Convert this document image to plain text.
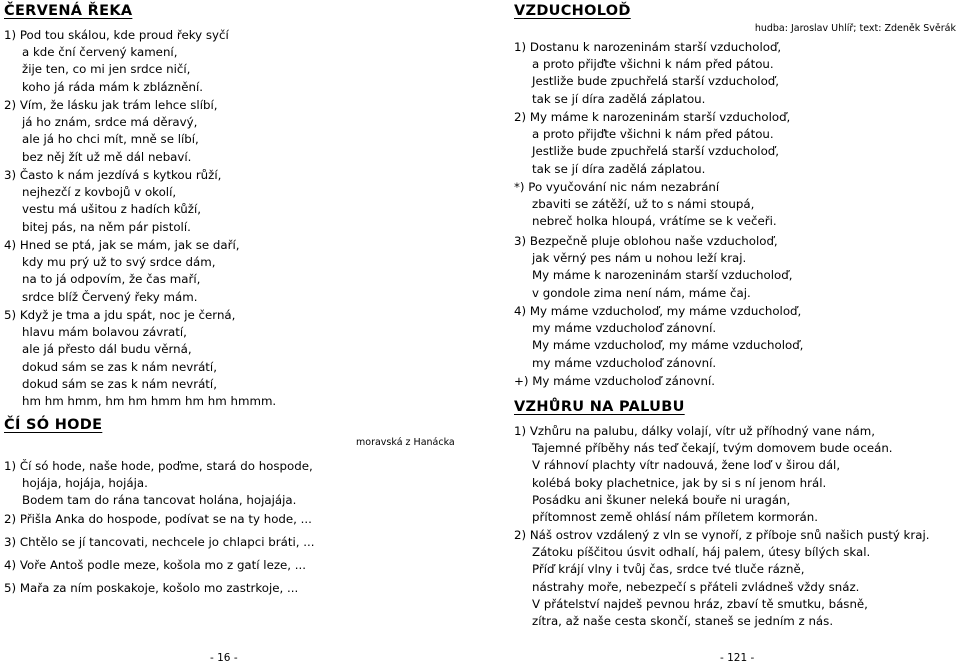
ČERVENÁ ŘEKA
1) Pod tou skálou, kde proud řeky syčí
a kde ční červený kamení,
žije ten, co mi jen srdce ničí,
koho já ráda mám k zbláznění.
2) Vím, že lásku jak trám lehce slíbí,
já ho znám, srdce má děravý,
ale já ho chci mít, mně se líbí,
bez něj žít už mě dál nebaví.
3) Často k nám jezdívá s kytkou růží,
nejhezčí z kovbojů v okolí,
vestu má ušitou z hadích kůží,
bitej pás, na něm pár pistolí.
4) Hned se ptá, jak se mám, jak se daří,
kdy mu prý už to svý srdce dám,
na to já odpovím, že čas maří,
srdce blíž Červený řeky mám.
5) Když je tma a jdu spát, noc je černá,
hlavu mám bolavou závratí,
ale já přesto dál budu věrná,
dokud sám se zas k nám nevrátí,
dokud sám se zas k nám nevrátí,
hm hm hmm, hm hm hmm hm hm hmmm.
ČÍ SÓ HODE
moravská z Hanácka
1) Čí só hode, naše hode, poďme, stará do hospode,
hojája, hojája, hojája.
Bodem tam do rána tancovat holána, hojajája.
2) Přišla Anka do hospode, podívat se na ty hode, ...
3) Chtělo se jí tancovati, nechcele jo chlapci bráti, ...
4) Voře Antoš podle meze, košola mo z gatí leze, ...
5) Mařa za ním poskakoje, košolo mo zastrkoje, ...
- 16 -
VZDUCHOLOĎ
hudba: Jaroslav Uhlíř; text: Zdeněk Svěrák
1) Dostanu k narozeninám starší vzducholoď,
a proto přijďte všichni k nám před pátou.
Jestliže bude zpuchřelá starší vzducholoď,
tak se jí díra zadělá záplatou.
2) My máme k narozeninám starší vzducholoď,
a proto přijďte všichni k nám před pátou.
Jestliže bude zpuchřelá starší vzducholoď,
tak se jí díra zadělá záplatou.
*) Po vyučování nic nám nezabrání
zbaviti se zátěží, už to s námi stoupá,
nebreč holka hloupá, vrátíme se k večeři.
3) Bezpečně pluje oblohou naše vzducholoď,
jak věrný pes nám u nohou leží kraj.
My máme k narozeninám starší vzducholoď,
v gondole zima není nám, máme čaj.
4) My máme vzducholoď, my máme vzducholoď,
my máme vzducholoď zánovní.
My máme vzducholoď, my máme vzducholoď,
my máme vzducholoď zánovní.
+) My máme vzducholoď zánovní.
VZHŮRU NA PALUBU
1) Vzhůru na palubu, dálky volají, vítr už příhodný vane nám,
Tajemné příběhy nás teď čekají, tvým domovem bude oceán.
V ráhnoví plachty vítr nadouvá, žene loď v širou dál,
kolébá boky plachetnice, jak by si s ní jenom hrál.
Posádku ani škuner neleká bouře ni uragán,
přítomnost země ohlásí nám příletem kormorán.
2) Náš ostrov vzdálený z vln se vynoří, z příboje snů našich pustý kraj.
Zátoku píščitou úsvit odhalí, háj palem, útesy bílých skal.
Příď krájí vlny i tvůj čas, srdce tvé tluče rázně,
nástrahy moře, nebezpečí s přáteli zvládneš vždy snáz.
V přátelství najdeš pevnou hráz, zbaví tě smutku, básně,
zítra, až naše cesta skončí, staneš se jedním z nás.
- 121 -
